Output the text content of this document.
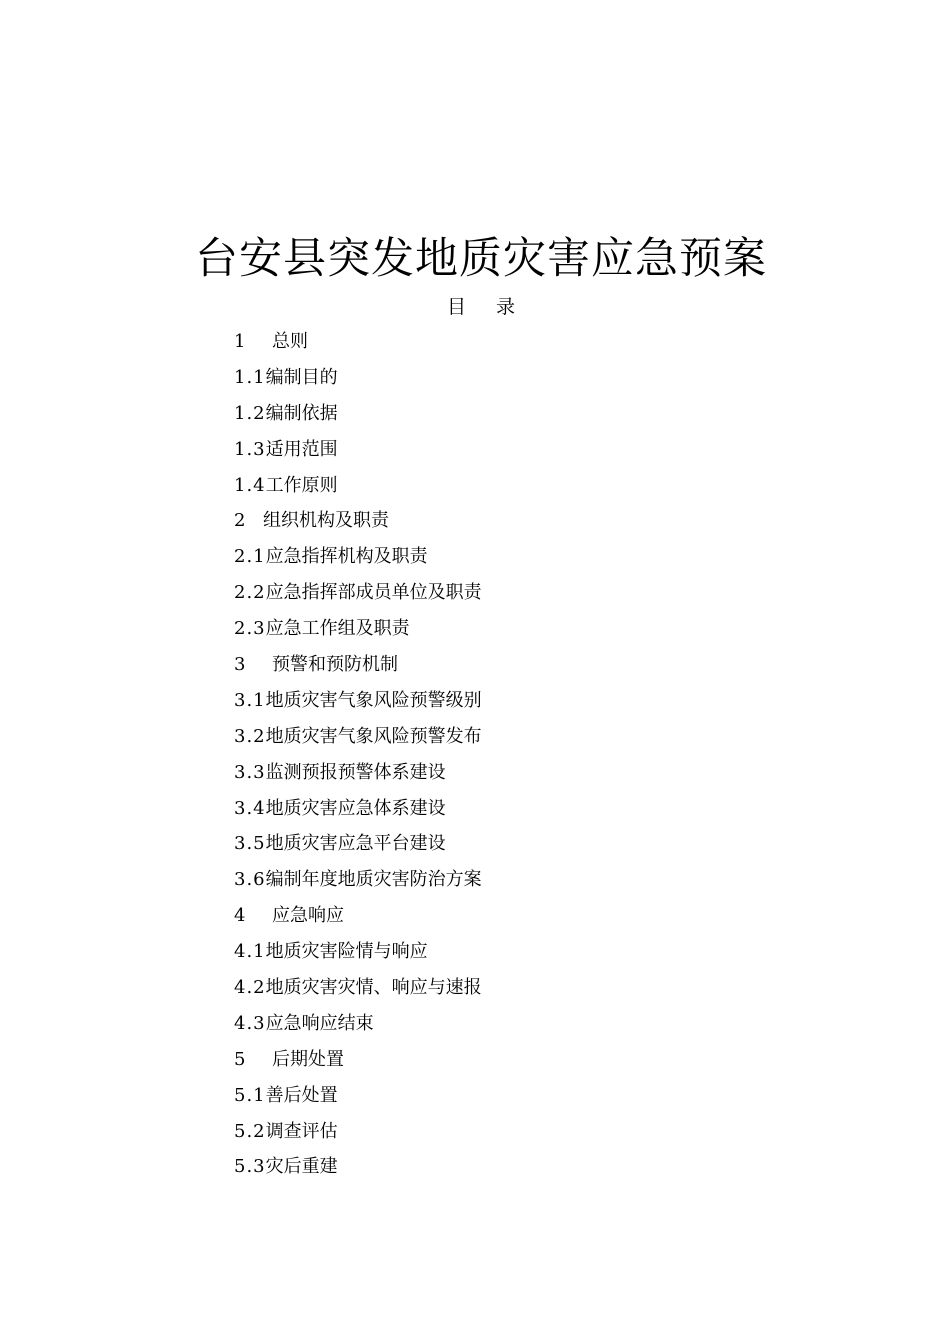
台安县突发地质灾害应急预案
目 录
1	总则
1.1 编制目的
1.2 编制依据
1.3 适用范围
1.4 工作原则
2 组织机构及职责
2.1 应急指挥机构及职责
2.2 应急指挥部成员单位及职责
2.3 应急工作组及职责
3	预警和预防机制
3.1 地质灾害气象风险预警级别
3.2 地质灾害气象风险预警发布
3.3 监测预报预警体系建设
3.4 地质灾害应急体系建设
3.5 地质灾害应急平台建设
3.6 编制年度地质灾害防治方案
4	应急响应
4.1 地质灾害险情与响应
4.2 地质灾害灾情、响应与速报
4.3 应急响应结束
5	后期处置
5.1 善后处置
5.2 调查评估
5.3 灾后重建
